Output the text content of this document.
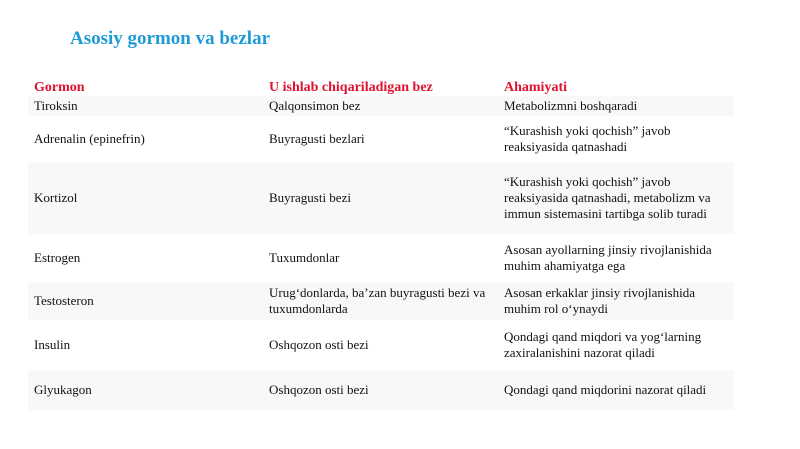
Asosiy gormon va bezlar
Gormon	U ishlab chiqariladigan bez	Ahamiyati
Tiroksin	Qalqonsimon bez	Metabolizmni boshqaradi
Adrenalin (epinefrin)	Buyragusti bezlari	“Kurashish yoki qochish” javob reaksiyasida qatnashadi
Kortizol	Buyragusti bezi	“Kurashish yoki qochish” javob reaksiyasida qatnashadi, metabolizm va immun sistemasini tartibga solib turadi
Estrogen	Tuxumdonlar	Asosan ayollarning jinsiy rivojlanishida muhim ahamiyatga ega
Testosteron	Urug‘donlarda, ba’zan buyragusti bezi va tuxumdonlarda	Asosan erkaklar jinsiy rivojlanishida muhim rol o‘ynaydi
Insulin	Oshqozon osti bezi	Qondagi qand miqdori va yog‘larning zaxiralanishini nazorat qiladi
Glyukagon	Oshqozon osti bezi	Qondagi qand miqdorini nazorat qiladi
